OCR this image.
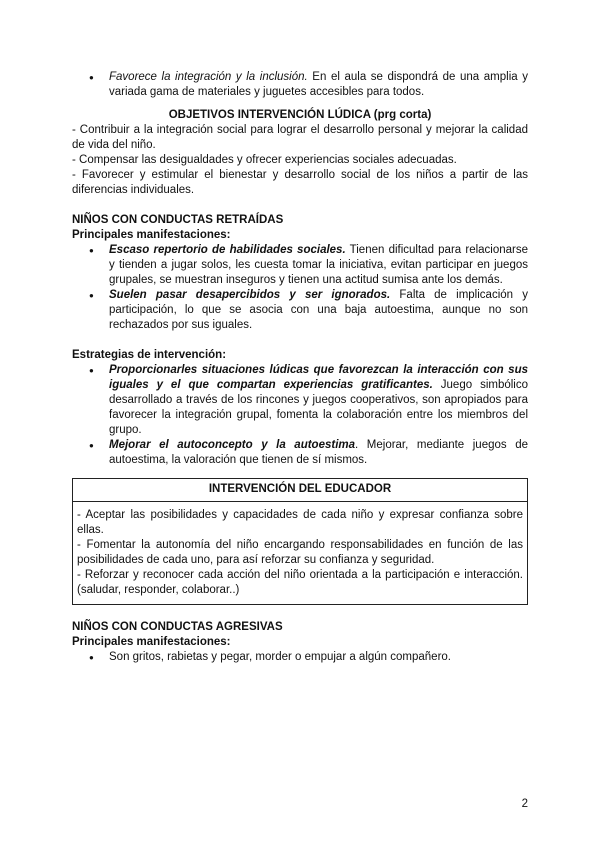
● Favorece la integración y la inclusión. En el aula se dispondrá de una amplia y variada gama de materiales y juguetes accesibles para todos.
OBJETIVOS INTERVENCIÓN LÚDICA (prg corta)
- Contribuir a la integración social para lograr el desarrollo personal y mejorar la calidad de vida del niño.
- Compensar las desigualdades y ofrecer experiencias sociales adecuadas.
- Favorecer y estimular el bienestar y desarrollo social de los niños a partir de las diferencias individuales.
NIÑOS CON CONDUCTAS RETRAÍDAS
Principales manifestaciones:
● Escaso repertorio de habilidades sociales. Tienen dificultad para relacionarse y tienden a jugar solos, les cuesta tomar la iniciativa, evitan participar en juegos grupales, se muestran inseguros y tienen una actitud sumisa ante los demás.
● Suelen pasar desapercibidos y ser ignorados. Falta de implicación y participación, lo que se asocia con una baja autoestima, aunque no son rechazados por sus iguales.
Estrategias de intervención:
● Proporcionarles situaciones lúdicas que favorezcan la interacción con sus iguales y el que compartan experiencias gratificantes. Juego simbólico desarrollado a través de los rincones y juegos cooperativos, son apropiados para favorecer la integración grupal, fomenta la colaboración entre los miembros del grupo.
● Mejorar el autoconcepto y la autoestima. Mejorar, mediante juegos de autoestima, la valoración que tienen de sí mismos.
INTERVENCIÓN DEL EDUCADOR
- Aceptar las posibilidades y capacidades de cada niño y expresar confianza sobre ellas.
- Fomentar la autonomía del niño encargando responsabilidades en función de las posibilidades de cada uno, para así reforzar su confianza y seguridad.
- Reforzar y reconocer cada acción del niño orientada a la participación e interacción. (saludar, responder, colaborar..)
NIÑOS CON CONDUCTAS AGRESIVAS
Principales manifestaciones:
● Son gritos, rabietas y pegar, morder o empujar a algún compañero.
2
